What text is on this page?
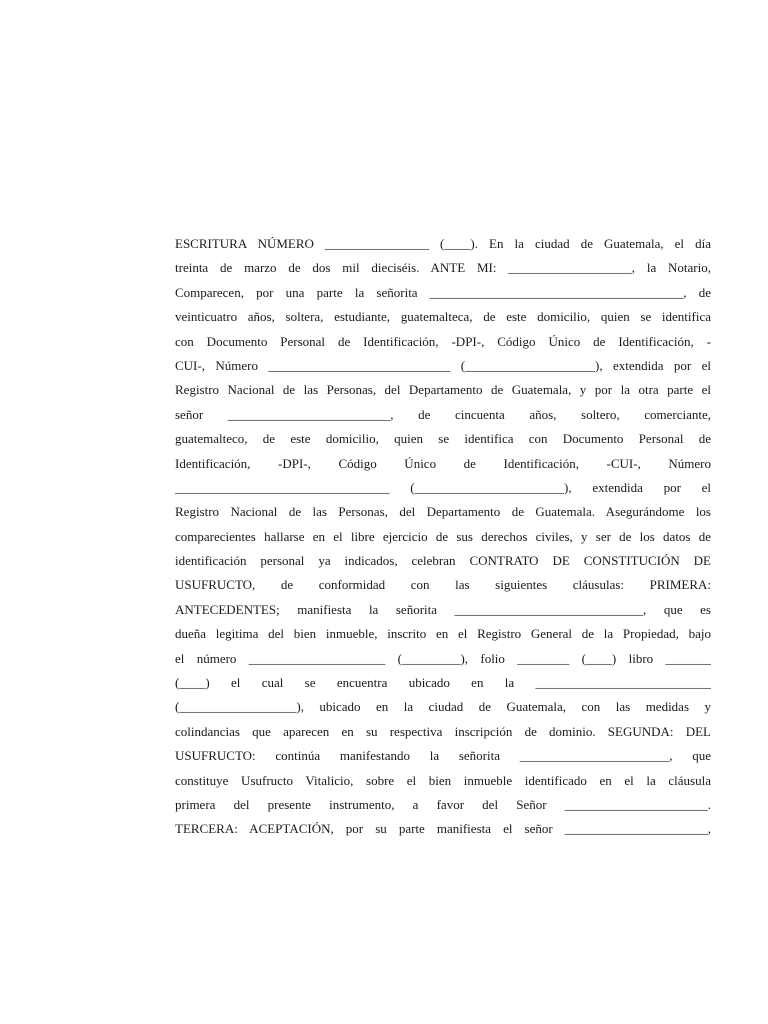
ESCRITURA NÚMERO ________________ (____). En la ciudad de Guatemala, el día
treinta de marzo de dos mil dieciséis. ANTE MI: ___________________, la Notario,
Comparecen, por una parte la señorita _______________________________________, de
veinticuatro años, soltera, estudiante, guatemalteca, de este domicilio, quien se identifica
con Documento Personal de Identificación, -DPI-, Código Único de Identificación, -
CUI-, Número ____________________________ (____________________), extendida por el
Registro Nacional de las Personas, del Departamento de Guatemala, y por la otra parte el
señor _________________________, de cincuenta años, soltero, comerciante,
guatemalteco, de este domicilio, quien se identifica con Documento Personal de
Identificación, -DPI-, Código Único de Identificación, -CUI-, Número
_________________________________ (_______________________), extendida por el
Registro Nacional de las Personas, del Departamento de Guatemala. Asegurándome los
comparecientes hallarse en el libre ejercicio de sus derechos civiles, y ser de los datos de
identificación personal ya indicados, celebran CONTRATO DE CONSTITUCIÓN DE
USUFRUCTO, de conformidad con las siguientes cláusulas: PRIMERA:
ANTECEDENTES; manifiesta la señorita _____________________________, que es
dueña legitima del bien inmueble, inscrito en el Registro General de la Propiedad, bajo
el número _____________________ (_________), folio ________ (____) libro _______
(____) el cual se encuentra ubicado en la ___________________________
(__________________), ubicado en la ciudad de Guatemala, con las medidas y
colindancias que aparecen en su respectiva inscripción de dominio. SEGUNDA: DEL
USUFRUCTO: continúa manifestando la señorita _______________________, que
constituye Usufructo Vitalicio, sobre el bien inmueble identificado en el la cláusula
primera del presente instrumento, a favor del Señor ______________________.
TERCERA: ACEPTACIÓN, por su parte manifiesta el señor ______________________,
